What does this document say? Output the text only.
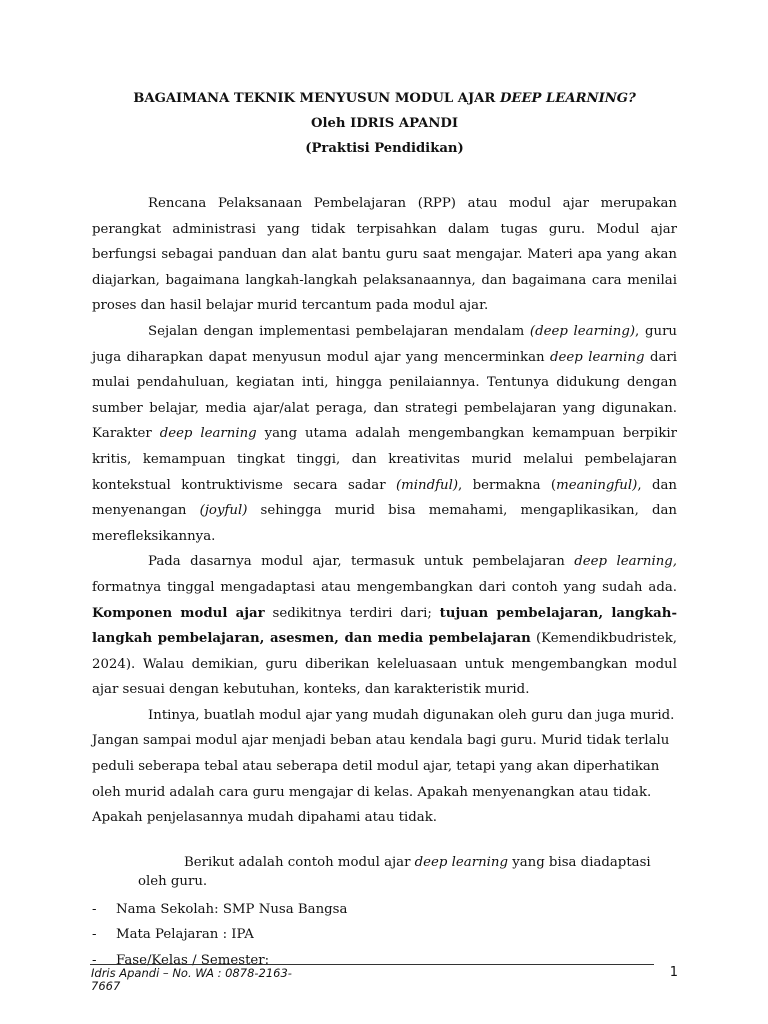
BAGAIMANA TEKNIK MENYUSUN MODUL AJAR DEEP LEARNING?

Oleh IDRIS APANDI

(Praktisi Pendidikan)

Rencana Pelaksanaan Pembelajaran (RPP) atau modul ajar merupakan perangkat administrasi yang tidak terpisahkan dalam tugas guru. Modul ajar berfungsi sebagai panduan dan alat bantu guru saat mengajar. Materi apa yang akan diajarkan, bagaimana langkah-langkah pelaksanaannya, dan bagaimana cara menilai proses dan hasil belajar murid tercantum pada modul ajar.

Sejalan dengan implementasi pembelajaran mendalam (deep learning), guru juga diharapkan dapat menyusun modul ajar yang mencerminkan deep learning dari mulai pendahuluan, kegiatan inti, hingga penilaiannya. Tentunya didukung dengan sumber belajar, media ajar/alat peraga, dan strategi pembelajaran yang digunakan. Karakter deep learning yang utama adalah mengembangkan kemampuan berpikir kritis, kemampuan tingkat tinggi, dan kreativitas murid melalui pembelajaran kontekstual kontruktivisme secara sadar (mindful), bermakna (meaningful), dan menyenangan (joyful) sehingga murid bisa memahami, mengaplikasikan, dan merefleksikannya.

Pada dasarnya modul ajar, termasuk untuk pembelajaran deep learning, formatnya tinggal mengadaptasi atau mengembangkan dari contoh yang sudah ada. Komponen modul ajar sedikitnya terdiri dari; tujuan pembelajaran, langkah-langkah pembelajaran, asesmen, dan media pembelajaran (Kemendikbudristek, 2024). Walau demikian, guru diberikan keleluasaan untuk mengembangkan modul ajar sesuai dengan kebutuhan, konteks, dan karakteristik murid.

Intinya, buatlah modul ajar yang mudah digunakan oleh guru dan juga murid. Jangan sampai modul ajar menjadi beban atau kendala bagi guru. Murid tidak terlalu peduli seberapa tebal atau seberapa detil modul ajar, tetapi yang akan diperhatikan oleh murid adalah cara guru mengajar di kelas. Apakah menyenangkan atau tidak. Apakah penjelasannya mudah dipahami atau tidak.

Berikut adalah contoh modul ajar deep learning yang bisa diadaptasi oleh guru.

- Nama Sekolah: SMP Nusa Bangsa
- Mata Pelajaran : IPA
- Fase/Kelas / Semester:
Idris Apandi – No. WA : 0878-2163-7667
1
